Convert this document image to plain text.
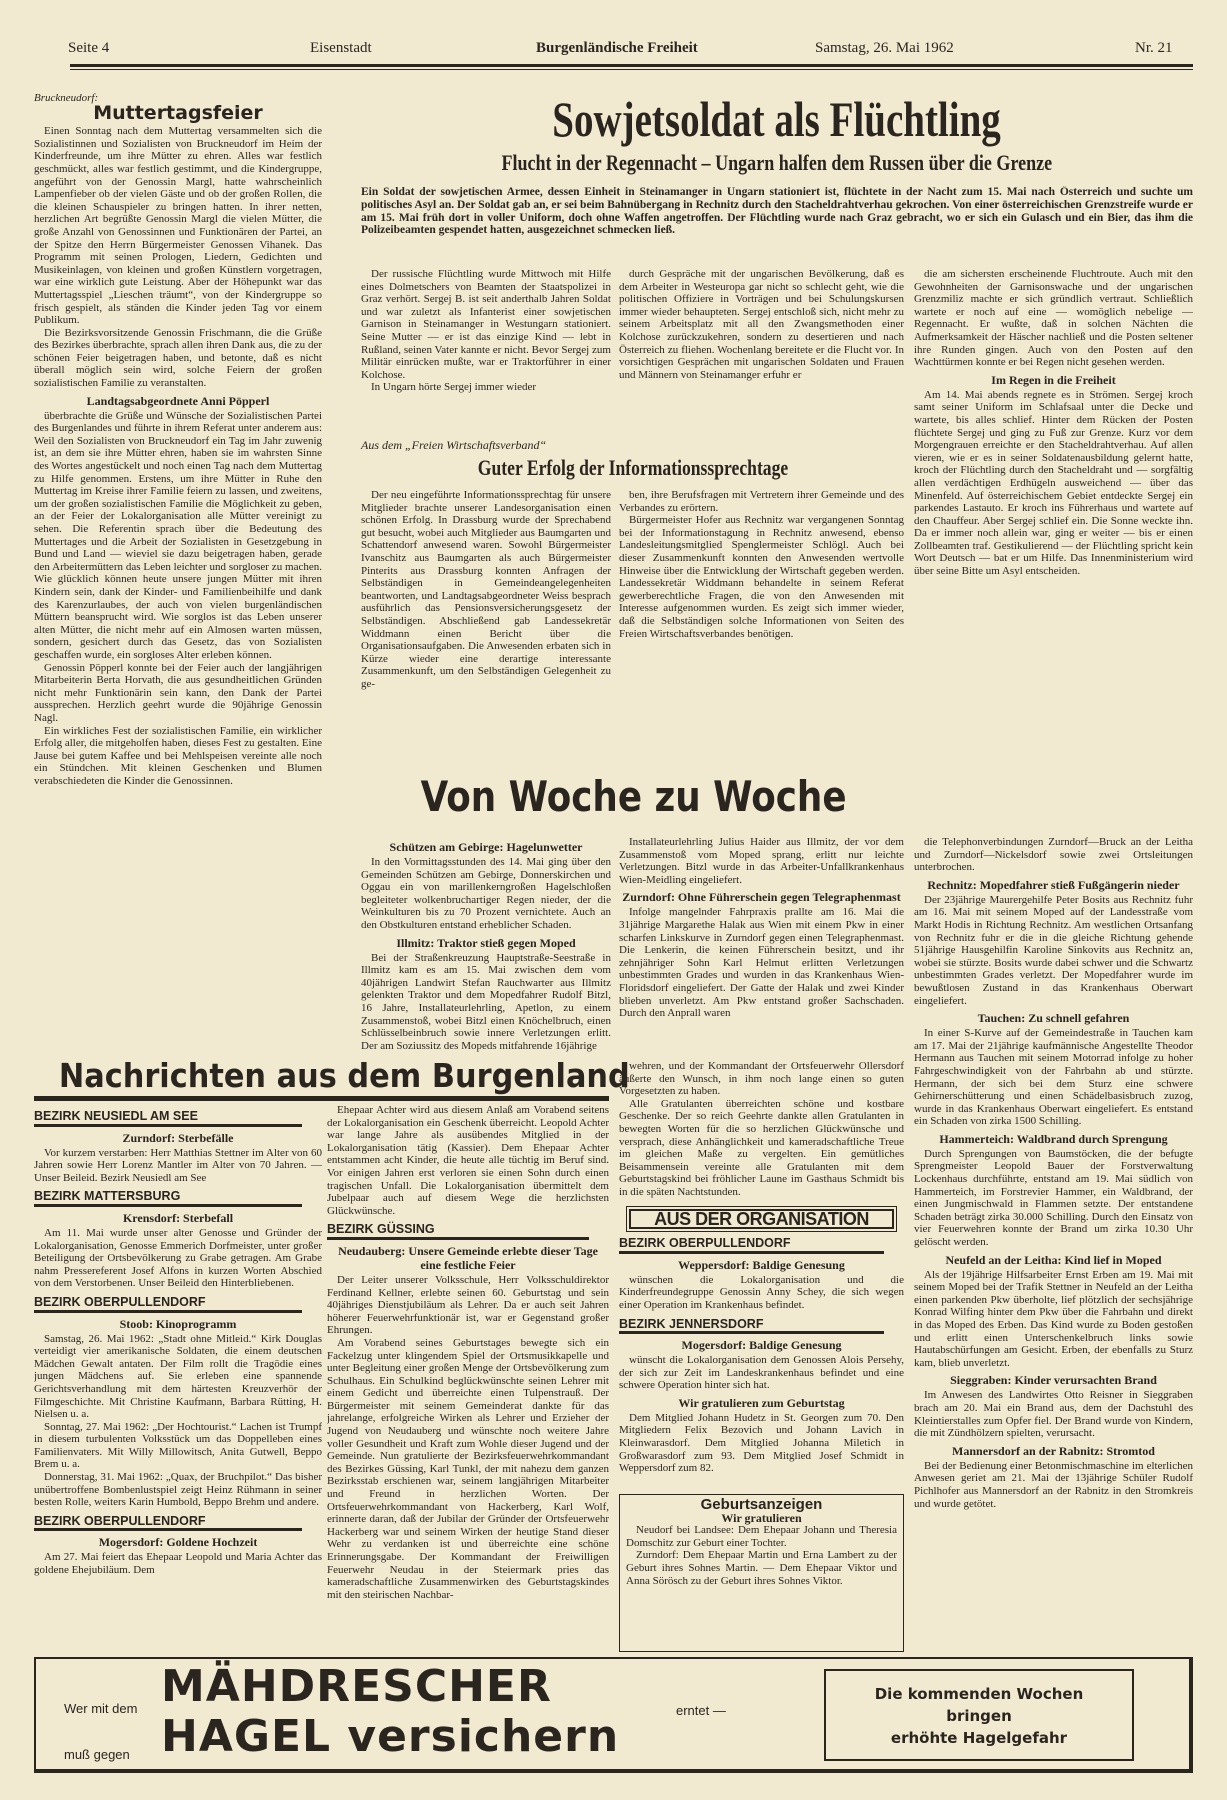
Seite 4	Eisenstadt	Burgenländische Freiheit	Samstag, 26. Mai 1962	Nr. 21
Bruckneudorf:
Muttertagsfeier

Einen Sonntag nach dem Muttertag versammelten sich die Sozialistinnen und Sozialisten von Bruckneudorf im Heim der Kinderfreunde, um ihre Mütter zu ehren. Alles war festlich geschmückt, alles war festlich gestimmt, und die Kindergruppe, angeführt von der Genossin Margl, hatte wahrscheinlich Lampenfieber ob der vielen Gäste und ob der großen Rollen, die die kleinen Schauspieler zu bringen hatten. In ihrer netten, herzlichen Art begrüßte Genossin Margl die vielen Mütter, die große Anzahl von Genossinnen und Funktionären der Partei, an der Spitze den Herrn Bürgermeister Genossen Vihanek. Das Programm mit seinen Prologen, Liedern, Gedichten und Musikeinlagen, von kleinen und großen Künstlern vorgetragen, war eine wirklich gute Leistung. Aber der Höhepunkt war das Muttertagsspiel „Lieschen träumt“, von der Kindergruppe so frisch gespielt, als ständen die Kinder jeden Tag vor einem Publikum.

Die Bezirksvorsitzende Genossin Frischmann, die die Grüße des Bezirkes überbrachte, sprach allen ihren Dank aus, die zu der schönen Feier beigetragen haben, und betonte, daß es nicht überall möglich sein wird, solche Feiern der großen sozialistischen Familie zu veranstalten.

Landtagsabgeordnete Anni Pöpperl

überbrachte die Grüße und Wünsche der Sozialistischen Partei des Burgenlandes und führte in ihrem Referat unter anderem aus: Weil den Sozialisten von Bruckneudorf ein Tag im Jahr zuwenig ist, an dem sie ihre Mütter ehren, haben sie im wahrsten Sinne des Wortes angestückelt und noch einen Tag nach dem Muttertag zu Hilfe genommen. Erstens, um ihre Mütter in Ruhe den Muttertag im Kreise ihrer Familie feiern zu lassen, und zweitens, um der großen sozialistischen Familie die Möglichkeit zu geben, an der Feier der Lokalorganisation alle Mütter vereinigt zu sehen. Die Referentin sprach über die Bedeutung des Muttertages und die Arbeit der Sozialisten in Gesetzgebung in Bund und Land — wieviel sie dazu beigetragen haben, gerade den Arbeitermüttern das Leben leichter und sorgloser zu machen. Wie glücklich können heute unsere jungen Mütter mit ihren Kindern sein, dank der Kinder- und Familienbeihilfe und dank des Karenzurlaubes, der auch von vielen burgenländischen Müttern beansprucht wird. Wie sorglos ist das Leben unserer alten Mütter, die nicht mehr auf ein Almosen warten müssen, sondern, gesichert durch das Gesetz, das von Sozialisten geschaffen wurde, ein sorgloses Alter erleben können.

Genossin Pöpperl konnte bei der Feier auch der langjährigen Mitarbeiterin Berta Horvath, die aus gesundheitlichen Gründen nicht mehr Funktionärin sein kann, den Dank der Partei aussprechen. Herzlich geehrt wurde die 90jährige Genossin Nagl.

Ein wirkliches Fest der sozialistischen Familie, ein wirklicher Erfolg aller, die mitgeholfen haben, dieses Fest zu gestalten. Eine Jause bei gutem Kaffee und bei Mehlspeisen vereinte alle noch ein Stündchen. Mit kleinen Geschenken und Blumen verabschiedeten die Kinder die Genossinnen.

Sowjetsoldat als Flüchtling
Flucht in der Regennacht – Ungarn halfen dem Russen über die Grenze
Ein Soldat der sowjetischen Armee, dessen Einheit in Steinamanger in Ungarn stationiert ist, flüchtete in der Nacht zum 15. Mai nach Österreich und suchte um politisches Asyl an. Der Soldat gab an, er sei beim Bahnübergang in Rechnitz durch den Stacheldrahtverhau gekrochen. Von einer österreichischen Grenzstreife wurde er am 15. Mai früh dort in voller Uniform, doch ohne Waffen angetroffen. Der Flüchtling wurde nach Graz gebracht, wo er sich ein Gulasch und ein Bier, das ihm die Polizeibeamten gespendet hatten, ausgezeichnet schmecken ließ.

Der russische Flüchtling wurde Mittwoch mit Hilfe eines Dolmetschers von Beamten der Staatspolizei in Graz verhört. Sergej B. ist seit anderthalb Jahren Soldat und war zuletzt als Infanterist einer sowjetischen Garnison in Steinamanger in Westungarn stationiert. Seine Mutter — er ist das einzige Kind — lebt in Rußland, seinen Vater kannte er nicht. Bevor Sergej zum Militär einrücken mußte, war er Traktorführer in einer Kolchose.

In Ungarn hörte Sergej immer wieder

durch Gespräche mit der ungarischen Bevölkerung, daß es dem Arbeiter in Westeuropa gar nicht so schlecht geht, wie die politischen Offiziere in Vorträgen und bei Schulungskursen immer wieder behaupteten. Sergej entschloß sich, nicht mehr zu seinem Arbeitsplatz mit all den Zwangsmethoden einer Kolchose zurückzukehren, sondern zu desertieren und nach Österreich zu fliehen. Wochenlang bereitete er die Flucht vor. In vorsichtigen Gesprächen mit ungarischen Soldaten und Frauen und Männern von Steinamanger erfuhr er

die am sichersten erscheinende Fluchtroute. Auch mit den Gewohnheiten der Garnisonswache und der ungarischen Grenzmiliz machte er sich gründlich vertraut. Schließlich wartete er noch auf eine — womöglich nebelige — Regennacht. Er wußte, daß in solchen Nächten die Aufmerksamkeit der Häscher nachließ und die Posten seltener ihre Runden gingen. Auch von den Posten auf den Wachttürmen konnte er bei Regen nicht gesehen werden.

Im Regen in die Freiheit

Am 14. Mai abends regnete es in Strömen. Sergej kroch samt seiner Uniform im Schlafsaal unter die Decke und wartete, bis alles schlief. Hinter dem Rücken der Posten flüchtete Sergej und ging zu Fuß zur Grenze. Kurz vor dem Morgengrauen erreichte er den Stacheldrahtverhau. Auf allen vieren, wie er es in seiner Soldatenausbildung gelernt hatte, kroch der Flüchtling durch den Stacheldraht und — sorgfältig allen verdächtigen Erdhügeln ausweichend — über das Minenfeld. Auf österreichischem Gebiet entdeckte Sergej ein parkendes Lastauto. Er kroch ins Führerhaus und wartete auf den Chauffeur. Aber Sergej schlief ein. Die Sonne weckte ihn. Da er immer noch allein war, ging er weiter — bis er einen Zollbeamten traf. Gestikulierend — der Flüchtling spricht kein Wort Deutsch — bat er um Hilfe. Das Innenministerium wird über seine Bitte um Asyl entscheiden.

Aus dem „Freien Wirtschaftsverband“
Guter Erfolg der Informationssprechtage

Der neu eingeführte Informationssprechtag für unsere Mitglieder brachte unserer Landesorganisation einen schönen Erfolg. In Drassburg wurde der Sprechabend gut besucht, wobei auch Mitglieder aus Baumgarten und Schattendorf anwesend waren. Sowohl Bürgermeister Ivanschitz aus Baumgarten als auch Bürgermeister Pinterits aus Drassburg konnten Anfragen der Selbständigen in Gemeindeangelegenheiten beantworten, und Landtagsabgeordneter Weiss besprach ausführlich das Pensionsversicherungsgesetz der Selbständigen. Abschließend gab Landessekretär Widdmann einen Bericht über die Organisationsaufgaben. Die Anwesenden erbaten sich in Kürze wieder eine derartige interessante Zusammenkunft, um den Selbständigen Gelegenheit zu ge-

ben, ihre Berufsfragen mit Vertretern ihrer Gemeinde und des Verbandes zu erörtern.

Bürgermeister Hofer aus Rechnitz war vergangenen Sonntag bei der Informationstagung in Rechnitz anwesend, ebenso Landesleitungsmitglied Spenglermeister Schlögl. Auch bei dieser Zusammenkunft konnten den Anwesenden wertvolle Hinweise über die Entwicklung der Wirtschaft gegeben werden. Landessekretär Widdmann behandelte in seinem Referat gewerberechtliche Fragen, die von den Anwesenden mit Interesse aufgenommen wurden. Es zeigt sich immer wieder, daß die Selbständigen solche Informationen von Seiten des Freien Wirtschaftsverbandes benötigen.

Von Woche zu Woche
Schützen am Gebirge: Hagelunwetter

In den Vormittagsstunden des 14. Mai ging über den Gemeinden Schützen am Gebirge, Donnerskirchen und Oggau ein von marillenkerngroßen Hagelschloßen begleiteter wolkenbruchartiger Regen nieder, der die Weinkulturen bis zu 70 Prozent vernichtete. Auch an den Obstkulturen entstand erheblicher Schaden.

Illmitz: Traktor stieß gegen Moped

Bei der Straßenkreuzung Hauptstraße-Seestraße in Illmitz kam es am 15. Mai zwischen dem vom 40jährigen Landwirt Stefan Rauchwarter aus Illmitz gelenkten Traktor und dem Mopedfahrer Rudolf Bitzl, 16 Jahre, Installateurlehrling, Apetlon, zu einem Zusammenstoß, wobei Bitzl einen Knöchelbruch, einen Schlüsselbeinbruch sowie innere Verletzungen erlitt. Der am Soziussitz des Mopeds mitfahrende 16jährige

Installateurlehrling Julius Haider aus Illmitz, der vor dem Zusammenstoß vom Moped sprang, erlitt nur leichte Verletzungen. Bitzl wurde in das Arbeiter-Unfallkrankenhaus Wien-Meidling eingeliefert.

Zurndorf: Ohne Führerschein gegen Telegraphenmast

Infolge mangelnder Fahrpraxis prallte am 16. Mai die 31jährige Margarethe Halak aus Wien mit einem Pkw in einer scharfen Linkskurve in Zurndorf gegen einen Telegraphenmast. Die Lenkerin, die keinen Führerschein besitzt, und ihr zehnjähriger Sohn Karl Helmut erlitten Verletzungen unbestimmten Grades und wurden in das Krankenhaus Wien-Floridsdorf eingeliefert. Der Gatte der Halak und zwei Kinder blieben unverletzt. Am Pkw entstand großer Sachschaden. Durch den Anprall waren

die Telephonverbindungen Zurndorf—Bruck an der Leitha und Zurndorf—Nickelsdorf sowie zwei Ortsleitungen unterbrochen.

Rechnitz: Mopedfahrer stieß Fußgängerin nieder

Der 23jährige Maurergehilfe Peter Bosits aus Rechnitz fuhr am 16. Mai mit seinem Moped auf der Landesstraße vom Markt Hodis in Richtung Rechnitz. Am westlichen Ortsanfang von Rechnitz fuhr er die in die gleiche Richtung gehende 51jährige Hausgehilfin Karoline Sinkovits aus Rechnitz an, wobei sie stürzte. Bosits wurde dabei schwer und die Schwartz unbestimmten Grades verletzt. Der Mopedfahrer wurde im bewußtlosen Zustand in das Krankenhaus Oberwart eingeliefert.

Tauchen: Zu schnell gefahren

In einer S-Kurve auf der Gemeindestraße in Tauchen kam am 17. Mai der 21jährige kaufmännische Angestellte Theodor Hermann aus Tauchen mit seinem Motorrad infolge zu hoher Fahrgeschwindigkeit von der Fahrbahn ab und stürzte. Hermann, der sich bei dem Sturz eine schwere Gehirnerschütterung und einen Schädelbasisbruch zuzog, wurde in das Krankenhaus Oberwart eingeliefert. Es entstand ein Schaden von zirka 1500 Schilling.

Hammerteich: Waldbrand durch Sprengung

Durch Sprengungen von Baumstöcken, die der befugte Sprengmeister Leopold Bauer der Forstverwaltung Lockenhaus durchführte, entstand am 19. Mai südlich von Hammerteich, im Forstrevier Hammer, ein Waldbrand, der einen Jungmischwald in Flammen setzte. Der entstandene Schaden beträgt zirka 30.000 Schilling. Durch den Einsatz von vier Feuerwehren konnte der Brand um zirka 10.30 Uhr gelöscht werden.

Neufeld an der Leitha: Kind lief in Moped

Als der 19jährige Hilfsarbeiter Ernst Erben am 19. Mai mit seinem Moped bei der Trafik Stettner in Neufeld an der Leitha einen parkenden Pkw überholte, lief plötzlich der sechsjährige Konrad Wilfing hinter dem Pkw über die Fahrbahn und direkt in das Moped des Erben. Das Kind wurde zu Boden gestoßen und erlitt einen Unterschenkelbruch links sowie Hautabschürfungen am Gesicht. Erben, der ebenfalls zu Sturz kam, blieb unverletzt.

Sieggraben: Kinder verursachten Brand

Im Anwesen des Landwirtes Otto Reisner in Sieggraben brach am 20. Mai ein Brand aus, dem der Dachstuhl des Kleintierstalles zum Opfer fiel. Der Brand wurde von Kindern, die mit Zündhölzern spielten, verursacht.

Mannersdorf an der Rabnitz: Stromtod

Bei der Bedienung einer Betonmischmaschine im elterlichen Anwesen geriet am 21. Mai der 13jährige Schüler Rudolf Pichlhofer aus Mannersdorf an der Rabnitz in den Stromkreis und wurde getötet.

Nachrichten aus dem Burgenland
BEZIRK NEUSIEDL AM SEE
Zurndorf: Sterbefälle

Vor kurzem verstarben: Herr Matthias Stettner im Alter von 60 Jahren sowie Herr Lorenz Mantler im Alter von 70 Jahren. — Unser Beileid. Bezirk Neusiedl am See

BEZIRK MATTERSBURG
Krensdorf: Sterbefall

Am 11. Mai wurde unser alter Genosse und Gründer der Lokalorganisation, Genosse Emmerich Dorfmeister, unter großer Beteiligung der Ortsbevölkerung zu Grabe getragen. Am Grabe nahm Pressereferent Josef Alfons in kurzen Worten Abschied von dem Verstorbenen. Unser Beileid den Hinterbliebenen.

BEZIRK OBERPULLENDORF
Stoob: Kinoprogramm

Samstag, 26. Mai 1962: „Stadt ohne Mitleid.“ Kirk Douglas verteidigt vier amerikanische Soldaten, die einem deutschen Mädchen Gewalt antaten. Der Film rollt die Tragödie eines jungen Mädchens auf. Sie erleben eine spannende Gerichtsverhandlung mit dem härtesten Kreuzverhör der Filmgeschichte. Mit Christine Kaufmann, Barbara Rütting, H. Nielsen u. a.

Sonntag, 27. Mai 1962: „Der Hochtourist.“ Lachen ist Trumpf in diesem turbulenten Volksstück um das Doppelleben eines Familienvaters. Mit Willy Millowitsch, Anita Gutwell, Beppo Brem u. a.

Donnerstag, 31. Mai 1962: „Quax, der Bruchpilot.“ Das bisher unübertroffene Bombenlustspiel zeigt Heinz Rühmann in seiner besten Rolle, weiters Karin Humbold, Beppo Brehm und andere.

BEZIRK OBERPULLENDORF
Mogersdorf: Goldene Hochzeit

Am 27. Mai feiert das Ehepaar Leopold und Maria Achter das goldene Ehejubiläum. Dem

Ehepaar Achter wird aus diesem Anlaß am Vorabend seitens der Lokalorganisation ein Geschenk überreicht. Leopold Achter war lange Jahre als ausübendes Mitglied in der Lokalorganisation tätig (Kassier). Dem Ehepaar Achter entstammen acht Kinder, die heute alle tüchtig im Beruf sind. Vor einigen Jahren erst verloren sie einen Sohn durch einen tragischen Unfall. Die Lokalorganisation übermittelt dem Jubelpaar auch auf diesem Wege die herzlichsten Glückwünsche.

BEZIRK GÜSSING
Neudauberg: Unsere Gemeinde erlebte dieser Tage eine festliche Feier

Der Leiter unserer Volksschule, Herr Volksschuldirektor Ferdinand Kellner, erlebte seinen 60. Geburtstag und sein 40jähriges Dienstjubiläum als Lehrer. Da er auch seit Jahren höherer Feuerwehrfunktionär ist, war er Gegenstand großer Ehrungen.

Am Vorabend seines Geburtstages bewegte sich ein Fackelzug unter klingendem Spiel der Ortsmusikkapelle und unter Begleitung einer großen Menge der Ortsbevölkerung zum Schulhaus. Ein Schulkind beglückwünschte seinen Lehrer mit einem Gedicht und überreichte einen Tulpenstrauß. Der Bürgermeister mit seinem Gemeinderat dankte für das jahrelange, erfolgreiche Wirken als Lehrer und Erzieher der Jugend von Neudauberg und wünschte noch weitere Jahre voller Gesundheit und Kraft zum Wohle dieser Jugend und der Gemeinde. Nun gratulierte der Bezirksfeuerwehrkommandant des Bezirkes Güssing, Karl Tunkl, der mit nahezu dem ganzen Bezirksstab erschienen war, seinem langjährigen Mitarbeiter und Freund in herzlichen Worten. Der Ortsfeuerwehrkommandant von Hackerberg, Karl Wolf, erinnerte daran, daß der Jubilar der Gründer der Ortsfeuerwehr Hackerberg war und seinem Wirken der heutige Stand dieser Wehr zu verdanken ist und überreichte eine schöne Erinnerungsgabe. Der Kommandant der Freiwilligen Feuerwehr Neudau in der Steiermark pries das kameradschaftliche Zusammenwirken des Geburtstagskindes mit den steirischen Nachbar-

wehren, und der Kommandant der Ortsfeuerwehr Ollersdorf äußerte den Wunsch, in ihm noch lange einen so guten Vorgesetzten zu haben.

Alle Gratulanten überreichten schöne und kostbare Geschenke. Der so reich Geehrte dankte allen Gratulanten in bewegten Worten für die so herzlichen Glückwünsche und versprach, diese Anhänglichkeit und kameradschaftliche Treue im gleichen Maße zu vergelten. Ein gemütliches Beisammensein vereinte alle Gratulanten mit dem Geburtstagskind bei fröhlicher Laune im Gasthaus Schmidt bis in die späten Nachtstunden.

AUS DER ORGANISATION
BEZIRK OBERPULLENDORF
Weppersdorf: Baldige Genesung

wünschen die Lokalorganisation und die Kinderfreundegruppe Genossin Anny Schey, die sich wegen einer Operation im Krankenhaus befindet.

BEZIRK JENNERSDORF
Mogersdorf: Baldige Genesung

wünscht die Lokalorganisation dem Genossen Alois Persehy, der sich zur Zeit im Landeskrankenhaus befindet und eine schwere Operation hinter sich hat.

Wir gratulieren zum Geburtstag

Dem Mitglied Johann Hudetz in St. Georgen zum 70. Den Mitgliedern Felix Bezovich und Johann Lavich in Kleinwarasdorf. Dem Mitglied Johanna Miletich in Großwarasdorf zum 93. Dem Mitglied Josef Schmidt in Weppersdorf zum 82.

Geburtsanzeigen
Wir gratulieren

Neudorf bei Landsee: Dem Ehepaar Johann und Theresia Domschitz zur Geburt einer Tochter.

Zurndorf: Dem Ehepaar Martin und Erna Lambert zu der Geburt ihres Sohnes Martin. — Dem Ehepaar Viktor und Anna Sörösch zu der Geburt ihres Sohnes Viktor.

Wer mit dem MÄHDRESCHER	erntet —
muß gegen HAGEL versichern
Die kommenden Wochen
bringen
erhöhte Hagelgefahr
